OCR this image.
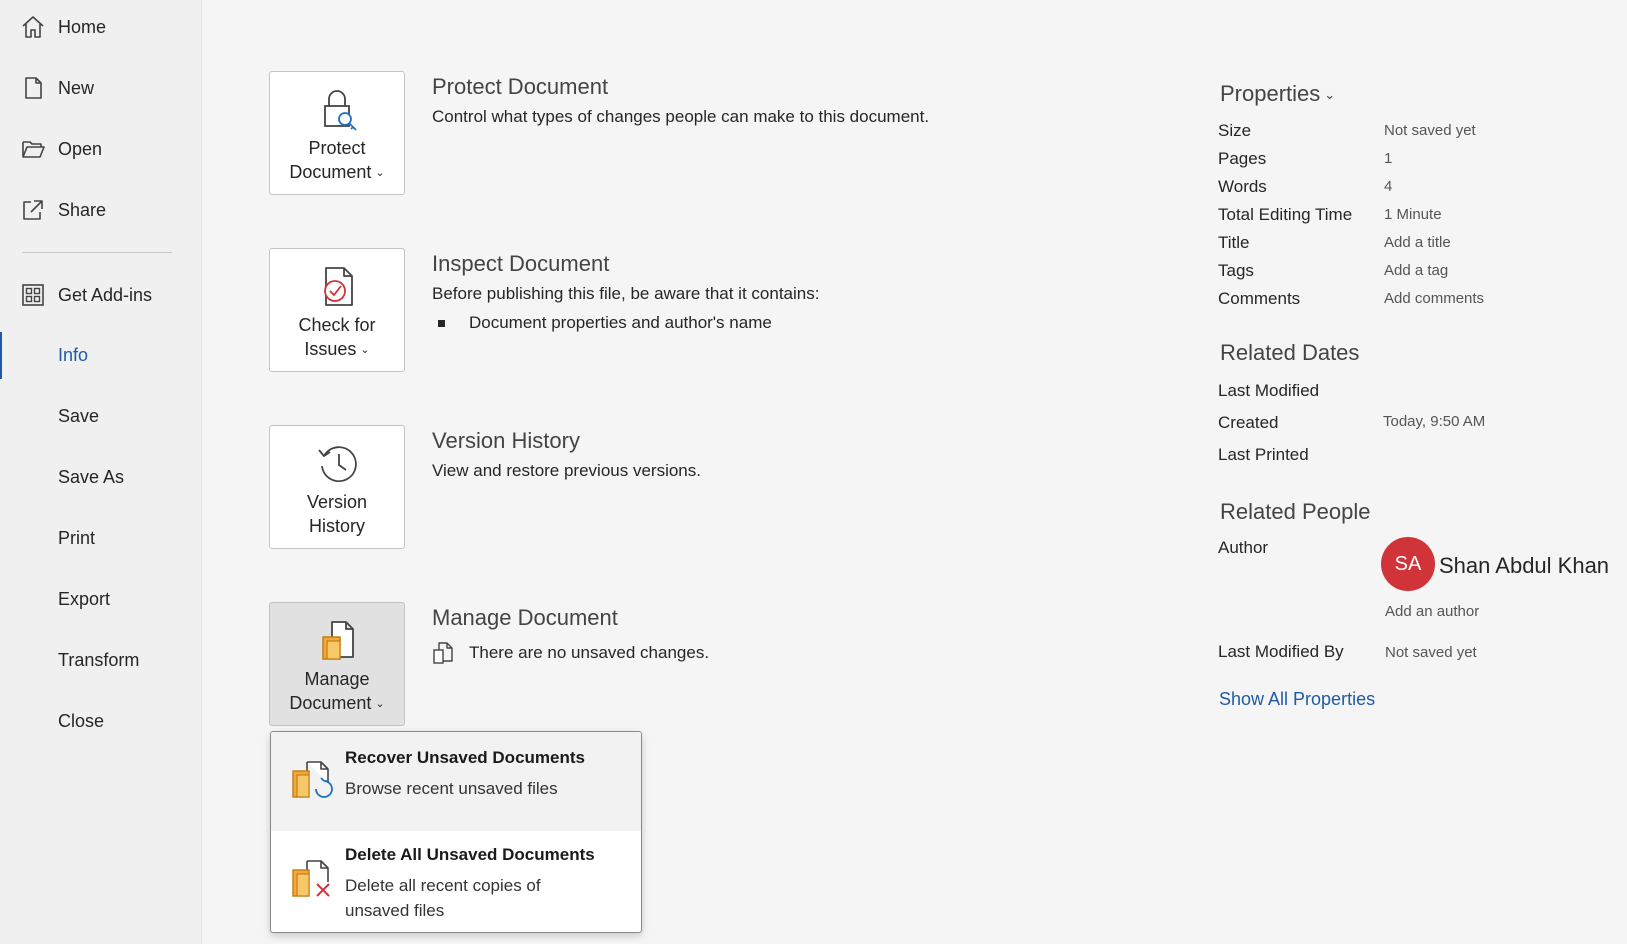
Home
New
Open
Share
Get Add-ins
Info
Save
Save As
Print
Export
Transform
Close
Protect
Document ⌄
Protect Document
Control what types of changes people can make to this document.
Check for
Issues ⌄
Inspect Document
Before publishing this file, be aware that it contains:
Document properties and author's name
Version
History
Version History
View and restore previous versions.
Manage
Document ⌄
Manage Document
There are no unsaved changes.
Recover Unsaved Documents
Browse recent unsaved files
Delete All Unsaved Documents
Delete all recent copies of
unsaved files
Properties ⌄
Size	Not saved yet
Pages	1
Words	4
Total Editing Time 1 Minute
Title	Add a title
Tags	Add a tag
Comments	Add comments
Related Dates
Last Modified
Created	Today, 9:50 AM
Last Printed
Related People
Author
SA Shan Abdul Khan
Add an author
Last Modified By	Not saved yet
Show All Properties
